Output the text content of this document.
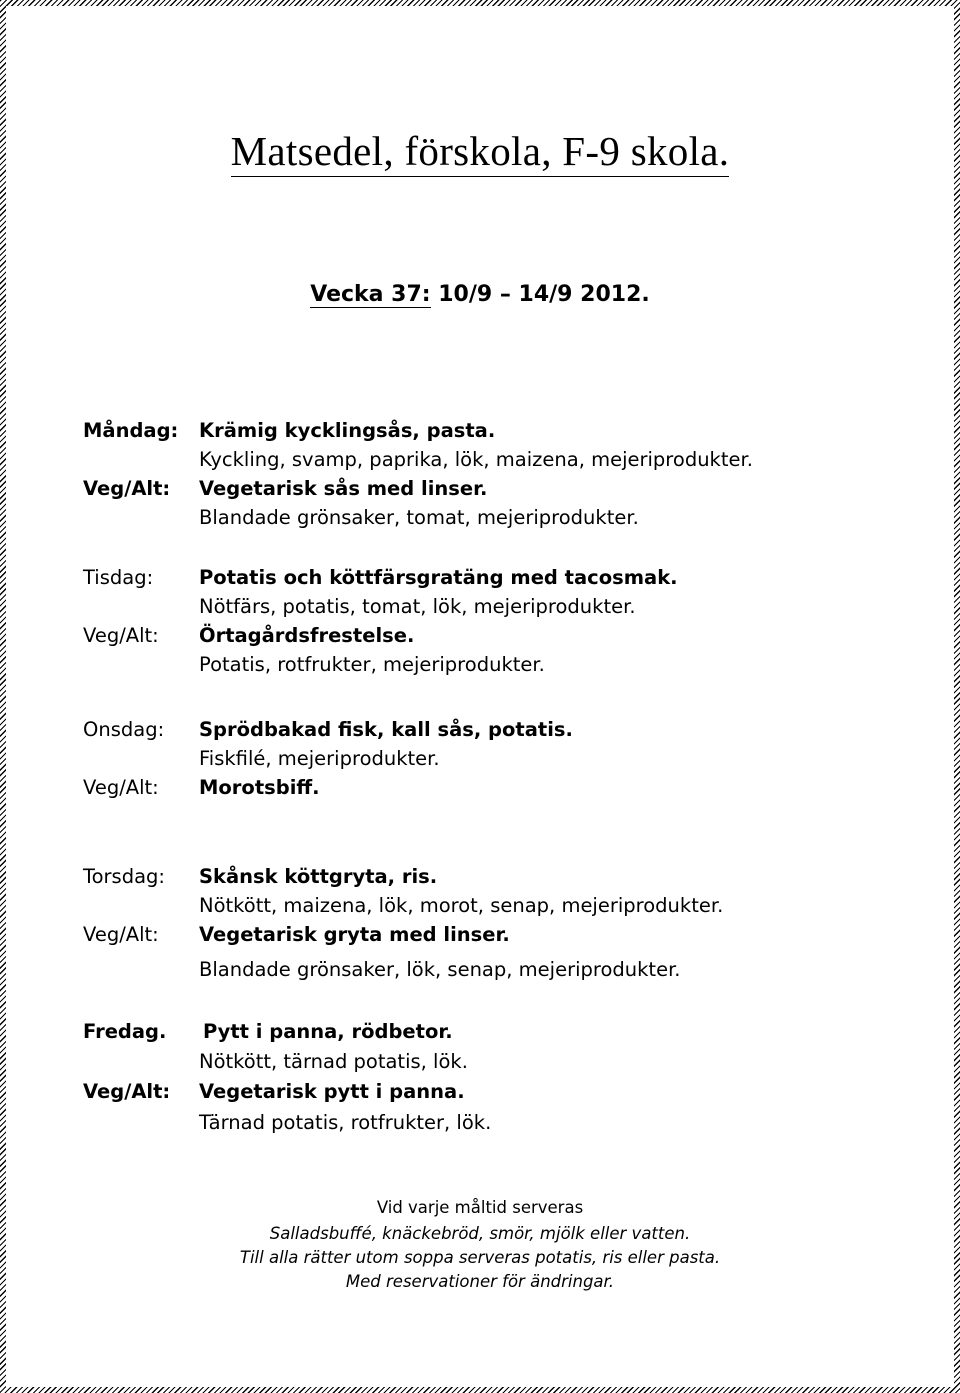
Matsedel, förskola, F-9 skola.
Vecka 37: 10/9 – 14/9 2012.
Måndag: Krämig kycklingsås, pasta.
Kyckling, svamp, paprika, lök, maizena, mejeriprodukter.
Veg/Alt: Vegetarisk sås med linser.
Blandade grönsaker, tomat, mejeriprodukter.
Tisdag: Potatis och köttfärsgratäng med tacosmak.
Nötfärs, potatis, tomat, lök, mejeriprodukter.
Veg/Alt: Örtagårdsfrestelse.
Potatis, rotfrukter, mejeriprodukter.
Onsdag: Sprödbakad fisk, kall sås, potatis.
Fiskfilé, mejeriprodukter.
Veg/Alt: Morotsbiff.
Torsdag: Skånsk köttgryta, ris.
Nötkött, maizena, lök, morot, senap, mejeriprodukter.
Veg/Alt: Vegetarisk gryta med linser.
Blandade grönsaker, lök, senap, mejeriprodukter.
Fredag. Pytt i panna, rödbetor.
Nötkött, tärnad potatis, lök.
Veg/Alt: Vegetarisk pytt i panna.
Tärnad potatis, rotfrukter, lök.
Vid varje måltid serveras
Salladsbuffé, knäckebröd, smör, mjölk eller vatten.
Till alla rätter utom soppa serveras potatis, ris eller pasta.
Med reservationer för ändringar.
